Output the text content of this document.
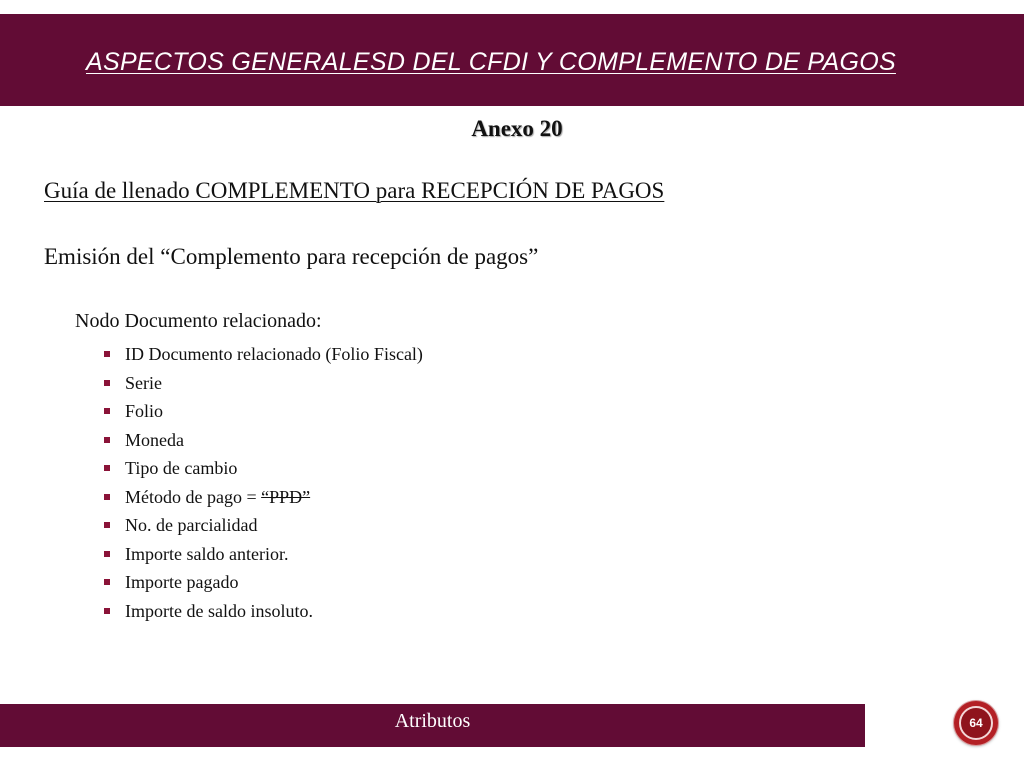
ASPECTOS GENERALESD DEL CFDI Y COMPLEMENTO DE PAGOS
Anexo 20
Guía de llenado COMPLEMENTO para RECEPCIÓN DE PAGOS
Emisión del “Complemento para recepción de pagos”
Nodo Documento relacionado:
ID Documento relacionado (Folio Fiscal)
Serie
Folio
Moneda
Tipo de cambio
Método de pago = “PPD”
No. de parcialidad
Importe saldo anterior.
Importe pagado
Importe de saldo insoluto.
Atributos	64
